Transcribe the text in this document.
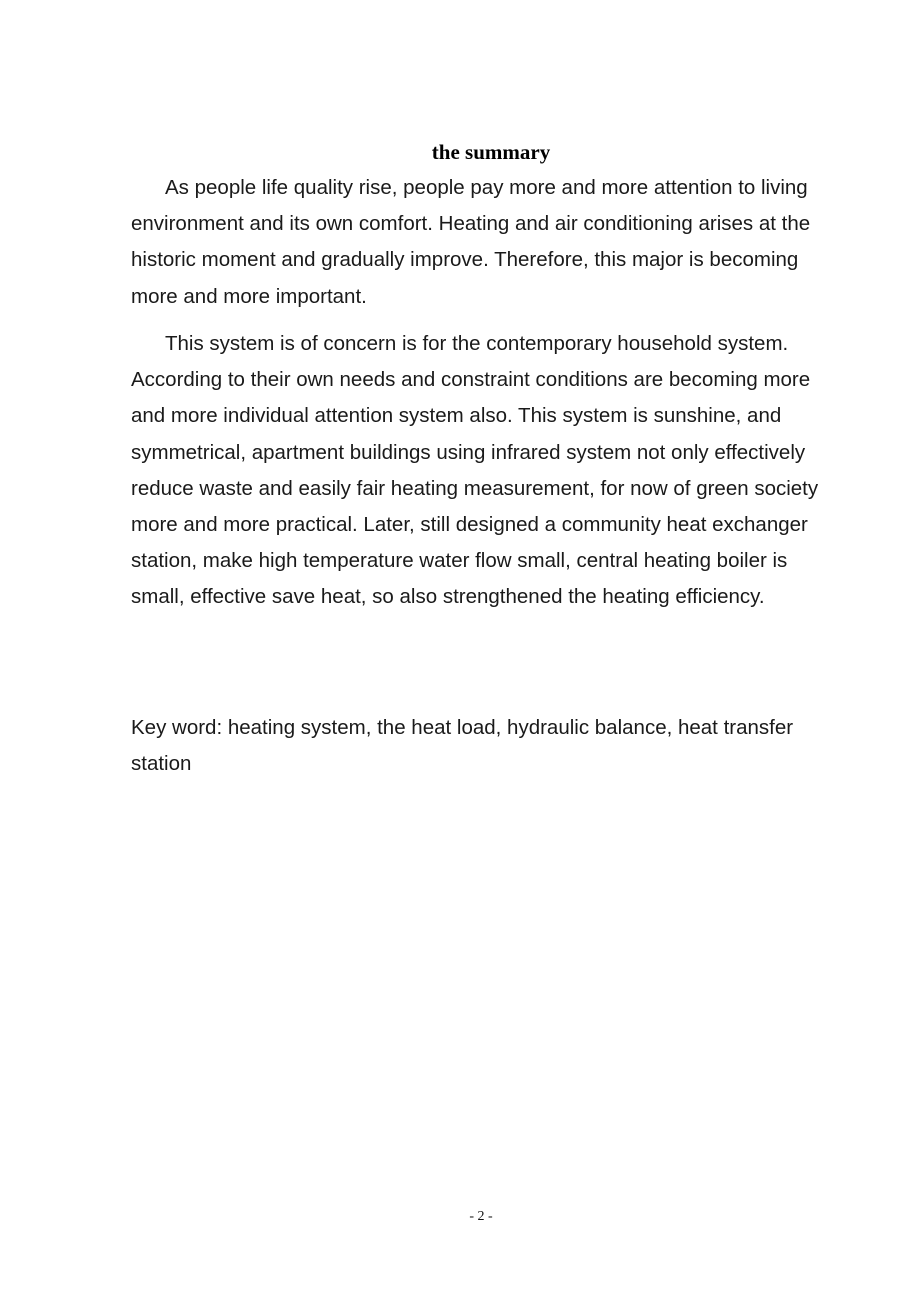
the summary

As people life quality rise, people pay more and more attention to living environment and its own comfort. Heating and air conditioning arises at the historic moment and gradually improve. Therefore, this major is becoming more and more important.

This system is of concern is for the contemporary household system. According to their own needs and constraint conditions are becoming more and more individual attention system also. This system is sunshine, and symmetrical, apartment buildings using infrared system not only effectively reduce waste and easily fair heating measurement, for now of green society more and more practical. Later, still designed a community heat exchanger station, make high temperature water flow small, central heating boiler is small, effective save heat, so also strengthened the heating efficiency.

Key word: heating system, the heat load, hydraulic balance, heat transfer station

- 2 -
